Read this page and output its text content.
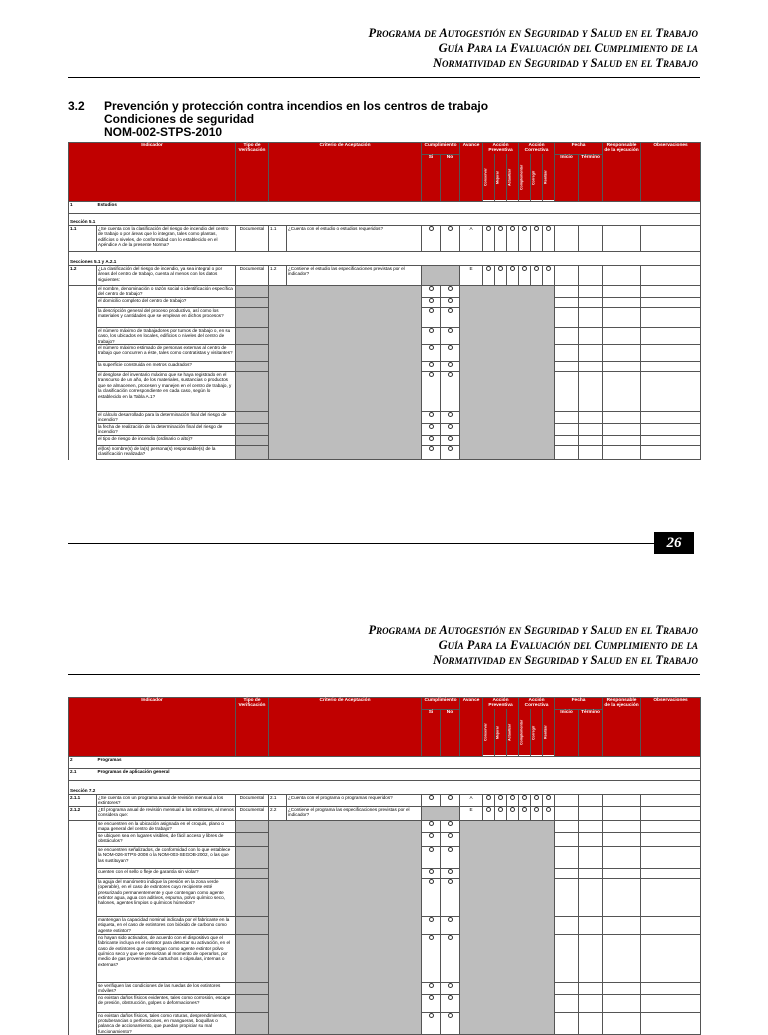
Programa de Autogestión en Seguridad y Salud en el Trabajo
Guía Para la Evaluación del Cumplimiento de la
Normatividad en Seguridad y Salud en el Trabajo
3.2 Prevención y protección contra incendios en los centros de trabajo
Condiciones de seguridad
NOM-002-STPS-2010
Indicador		Tipo de Verificación	Criterio de Aceptación		Cumplimiento		Avance	Acción Preventiva			Acción Correctiva			Fecha		Responsable de la ejecución	Observaciones
					Si	No		Conservar	Mejorar	Actualizar	Complementar	Corregir	Realizar	Inicio	Término		

1	Estudios																
Sección 5.1																	
1.1	¿Se cuenta con la clasificación del riesgo de incendio del centro de trabajo o por áreas que lo integran, tales como plantas, edificios o niveles, de conformidad con lo establecido en el Apéndice A de la presente Norma?	Documental	1.1	¿Cuenta con el estudio o estudios requeridos?			A										
Secciones 5.1 y A.2.1																	
1.2	¿La clasificación del riesgo de incendio, ya sea integral o por áreas del centro de trabajo, cuenta al menos con los datos siguientes:	Documental	1.2	¿Contiene el estudio las especificaciones previstas por el indicador?			E										
	el nombre, denominación o razón social o identificación específica del centro de trabajo?																
	el domicilio completo del centro de trabajo?																
	la descripción general del proceso productivo, así como los materiales y cantidades que se emplean en dichos procesos?																
	el número máximo de trabajadores por turnos de trabajo o, en su caso, los ubicados en locales, edificios o niveles del centro de trabajo?																
	el número máximo estimado de personas externas al centro de trabajo que concurren a éste, tales como contratistas y visitantes?																
	la superficie construida en metros cuadrados?																
	el desglose del inventario máximo que se haya registrado en el transcurso de un año, de los materiales, sustancias o productos que se almacenen, procesen y manejen en el centro de trabajo, y la clasificación correspondiente en cada caso, según lo establecido en la Tabla A.1?																
	el cálculo desarrollado para la determinación final del riesgo de incendio?																
	la fecha de realización de la determinación final del riesgo de incendio?																
	el tipo de riesgo de incendio (ordinario o alto)?																
	el(los) nombre(s) de la(s) persona(s) responsable(s) de la clasificación realizada?																
26
Programa de Autogestión en Seguridad y Salud en el Trabajo
Guía Para la Evaluación del Cumplimiento de la
Normatividad en Seguridad y Salud en el Trabajo
Indicador		Tipo de Verificación	Criterio de Aceptación		Cumplimiento		Avance	Acción Preventiva			Acción Correctiva			Fecha		Responsable de la ejecución	Observaciones
					Si	No		Conservar	Mejorar	Actualizar	Complementar	Corregir	Realizar	Inicio	Término		

2	Programas																
2.1	Programas de aplicación general																
Sección 7.2																	
2.1.1	¿Se cuenta con un programa anual de revisión mensual a los extintores?	Documental	2.1	¿Cuenta con el programa o programas requeridos?			A										
2.1.2	¿El programa anual de revisión mensual a los extintores, al menos considera que:	Documental	2.2	¿Contiene el programa las especificaciones previstas por el indicador?			E										
	se encuentren en la ubicación asignada en el croquis, plano o mapa general del centro de trabajo?																
	se ubiquen sea en lugares visibles, de fácil acceso y libres de obstáculos?																
	se encuentren señalizados, de conformidad con lo que establece la NOM-026-STPS-2008 o la NOM-003-SEGOB-2002, o las que las sustituyan?																
	cuenten con el sello o fleje de garantía sin violar?																
	la aguja del manómetro indique la presión en la zona verde (operable), en el caso de extintores cuyo recipiente esté presurizado permanentemente y que contengan como agente extintor agua, agua con aditivos, espuma, polvo químico seco, halones, agentes limpios o químicos húmedos?																
	mantengan la capacidad nominal indicada por el fabricante en la etiqueta, en el caso de extintores con bióxido de carbono como agente extintor?																
	no hayan sido activados, de acuerdo con el dispositivo que el fabricante incluya en el extintor para detectar su activación, en el caso de extintores que contengan como agente extintor polvo químico seco y que se presurizan al momento de operarlos, por medio de gas proveniente de cartuchos o cápsulas, internas o externas?																
	se verifiquen las condiciones de las ruedas de los extintores móviles?																
	no existan daños físicos evidentes, tales como corrosión, escape de presión, obstrucción, golpes o deformaciones?																
	no existan daños físicos, tales como roturas, desprendimientos, protuberancias o perforaciones, en mangueras, boquillas o palanca de accionamiento, que puedan propiciar su mal funcionamiento?																
